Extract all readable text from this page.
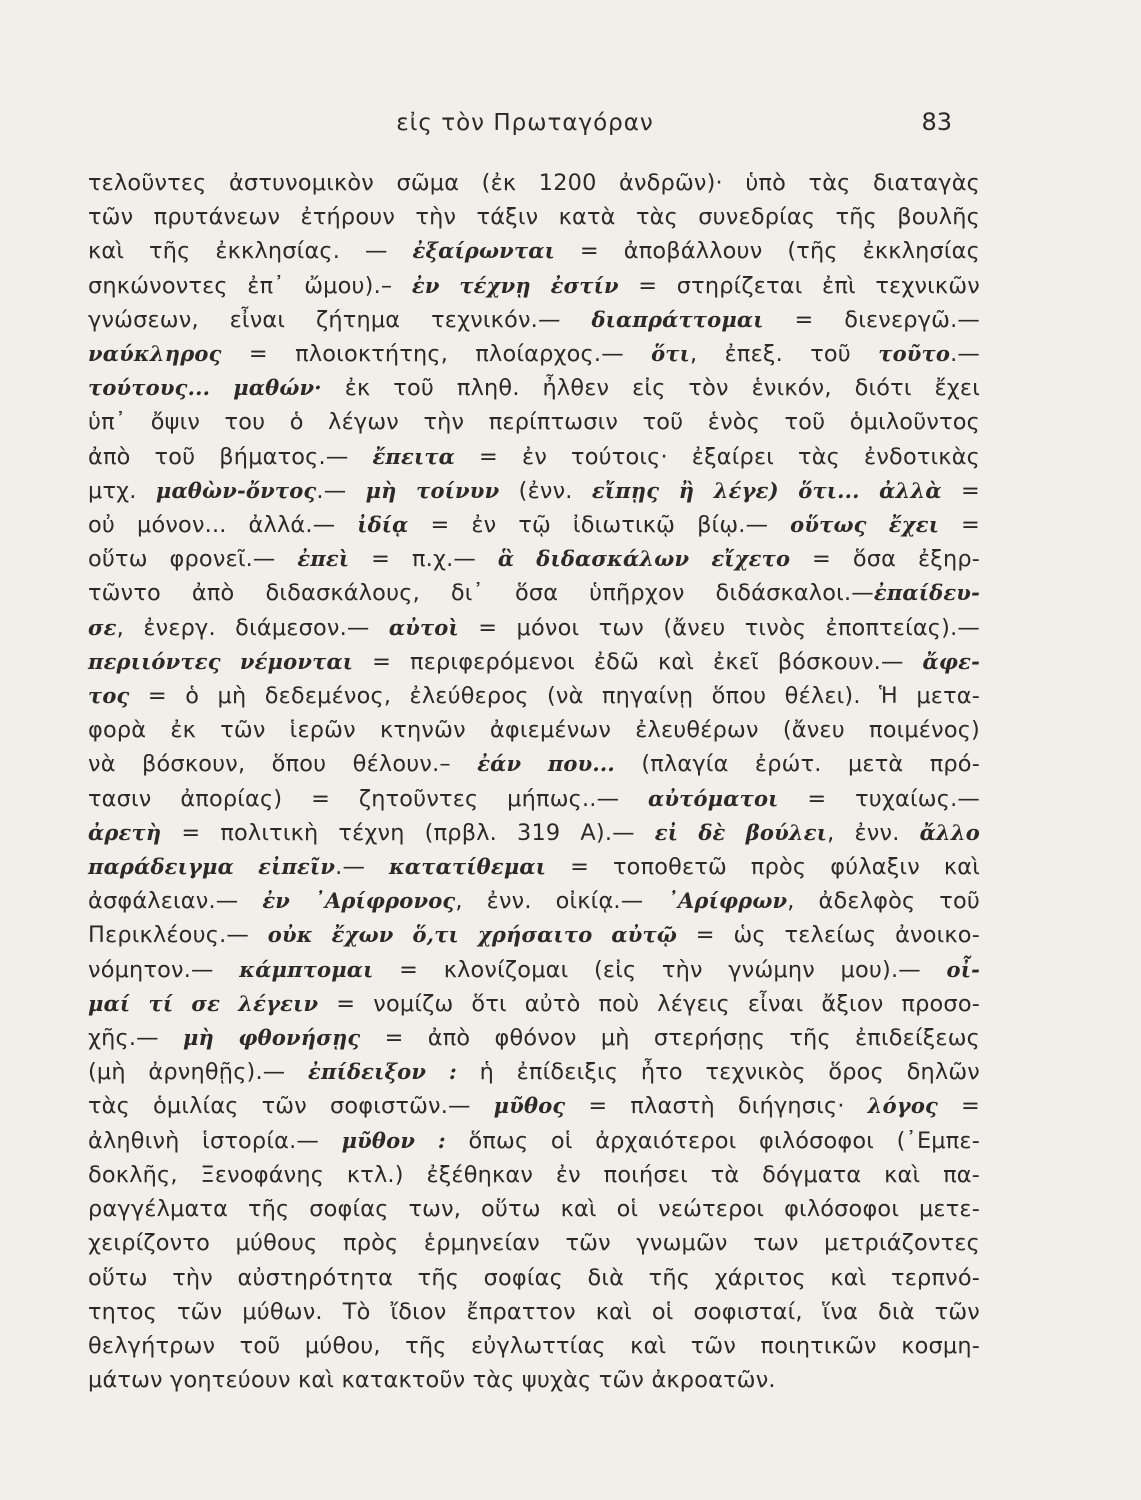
εἰς τὸν Πρωταγόραν	83
τελοῦντες ἀστυνομικὸν σῶμα (ἐκ 1200 ἀνδρῶν)· ὑπὸ τὰς διαταγὰς
τῶν πρυτάνεων ἐτήρουν τὴν τάξιν κατὰ τὰς συνεδρίας τῆς βουλῆς
καὶ τῆς ἐκκλησίας. — ἐξαίρωνται = ἀποβάλλουν (τῆς ἐκκλησίας
σηκώνοντες ἐπ᾽ ὤμου).– ἐν τέχνῃ ἐστίν = στηρίζεται ἐπὶ τεχνικῶν
γνώσεων, εἶναι ζήτημα τεχνικόν.— διαπράττομαι = διενεργῶ.—
ναύκληρος = πλοιοκτήτης, πλοίαρχος.— ὅτι, ἐπεξ. τοῦ τοῦτο.—
τούτους... μαθών· ἐκ τοῦ πληθ. ἦλθεν εἰς τὸν ἑνικόν, διότι ἔχει
ὑπ᾽ ὄψιν του ὁ λέγων τὴν περίπτωσιν τοῦ ἑνὸς τοῦ ὁμιλοῦντος
ἀπὸ τοῦ βήματος.— ἔπειτα = ἐν τούτοις· ἐξαίρει τὰς ἐνδοτικὰς
μτχ. μαθὼν-ὄντος.— μὴ τοίνυν (ἐνν. εἴπῃς ἢ λέγε) ὅτι... ἀλλὰ =
οὐ μόνον... ἀλλά.— ἰδίᾳ = ἐν τῷ ἰδιωτικῷ βίῳ.— οὕτως ἔχει =
οὕτω φρονεῖ.— ἐπεὶ = π.χ.— ἃ διδασκάλων εἴχετο = ὅσα ἐξηρ-
τῶντο ἀπὸ διδασκάλους, δι᾽ ὅσα ὑπῆρχον διδάσκαλοι.—ἐπαίδευ-
σε, ἐνεργ. διάμεσον.— αὐτοὶ = μόνοι των (ἄνευ τινὸς ἐποπτείας).—
περιιόντες νέμονται = περιφερόμενοι ἐδῶ καὶ ἐκεῖ βόσκουν.— ἄφε-
τος = ὁ μὴ δεδεμένος, ἐλεύθερος (νὰ πηγαίνῃ ὅπου θέλει). Ἡ μετα-
φορὰ ἐκ τῶν ἱερῶν κτηνῶν ἀφιεμένων ἐλευθέρων (ἄνευ ποιμένος)
νὰ βόσκουν, ὅπου θέλουν.– ἐάν που... (πλαγία ἐρώτ. μετὰ πρό-
τασιν ἀπορίας) = ζητοῦντες μήπως..— αὐτόματοι = τυχαίως.—
ἀρετὴ = πολιτικὴ τέχνη (πρβλ. 319 Α).— εἰ δὲ βούλει, ἐνν. ἄλλο
παράδειγμα εἰπεῖν.— κατατίθεμαι = τοποθετῶ πρὸς φύλαξιν καὶ
ἀσφάλειαν.— ἐν ᾽Αρίφρονος, ἐνν. οἰκίᾳ.— ᾽Αρίφρων, ἀδελφὸς τοῦ
Περικλέους.— οὐκ ἔχων ὅ,τι χρήσαιτο αὐτῷ = ὡς τελείως ἀνοικο-
νόμητον.— κάμπτομαι = κλονίζομαι (εἰς τὴν γνώμην μου).— οἶ-
μαί τί σε λέγειν = νομίζω ὅτι αὐτὸ ποὺ λέγεις εἶναι ἄξιον προσο-
χῆς.— μὴ φθονήσῃς = ἀπὸ φθόνον μὴ στερήσῃς τῆς ἐπιδείξεως
(μὴ ἀρνηθῇς).— ἐπίδειξον : ἡ ἐπίδειξις ἦτο τεχνικὸς ὅρος δηλῶν
τὰς ὁμιλίας τῶν σοφιστῶν.— μῦθος = πλαστὴ διήγησις· λόγος =
ἀληθινὴ ἱστορία.— μῦθον : ὅπως οἱ ἀρχαιότεροι φιλόσοφοι (᾽Εμπε-
δοκλῆς, Ξενοφάνης κτλ.) ἐξέθηκαν ἐν ποιήσει τὰ δόγματα καὶ πα-
ραγγέλματα τῆς σοφίας των, οὕτω καὶ οἱ νεώτεροι φιλόσοφοι μετε-
χειρίζοντο μύθους πρὸς ἑρμηνείαν τῶν γνωμῶν των μετριάζοντες
οὕτω τὴν αὐστηρότητα τῆς σοφίας διὰ τῆς χάριτος καὶ τερπνό-
τητος τῶν μύθων. Τὸ ἴδιον ἔπραττον καὶ οἱ σοφισταί, ἵνα διὰ τῶν
θελγήτρων τοῦ μύθου, τῆς εὐγλωττίας καὶ τῶν ποιητικῶν κοσμη-
μάτων γοητεύουν καὶ κατακτοῦν τὰς ψυχὰς τῶν ἀκροατῶν.
